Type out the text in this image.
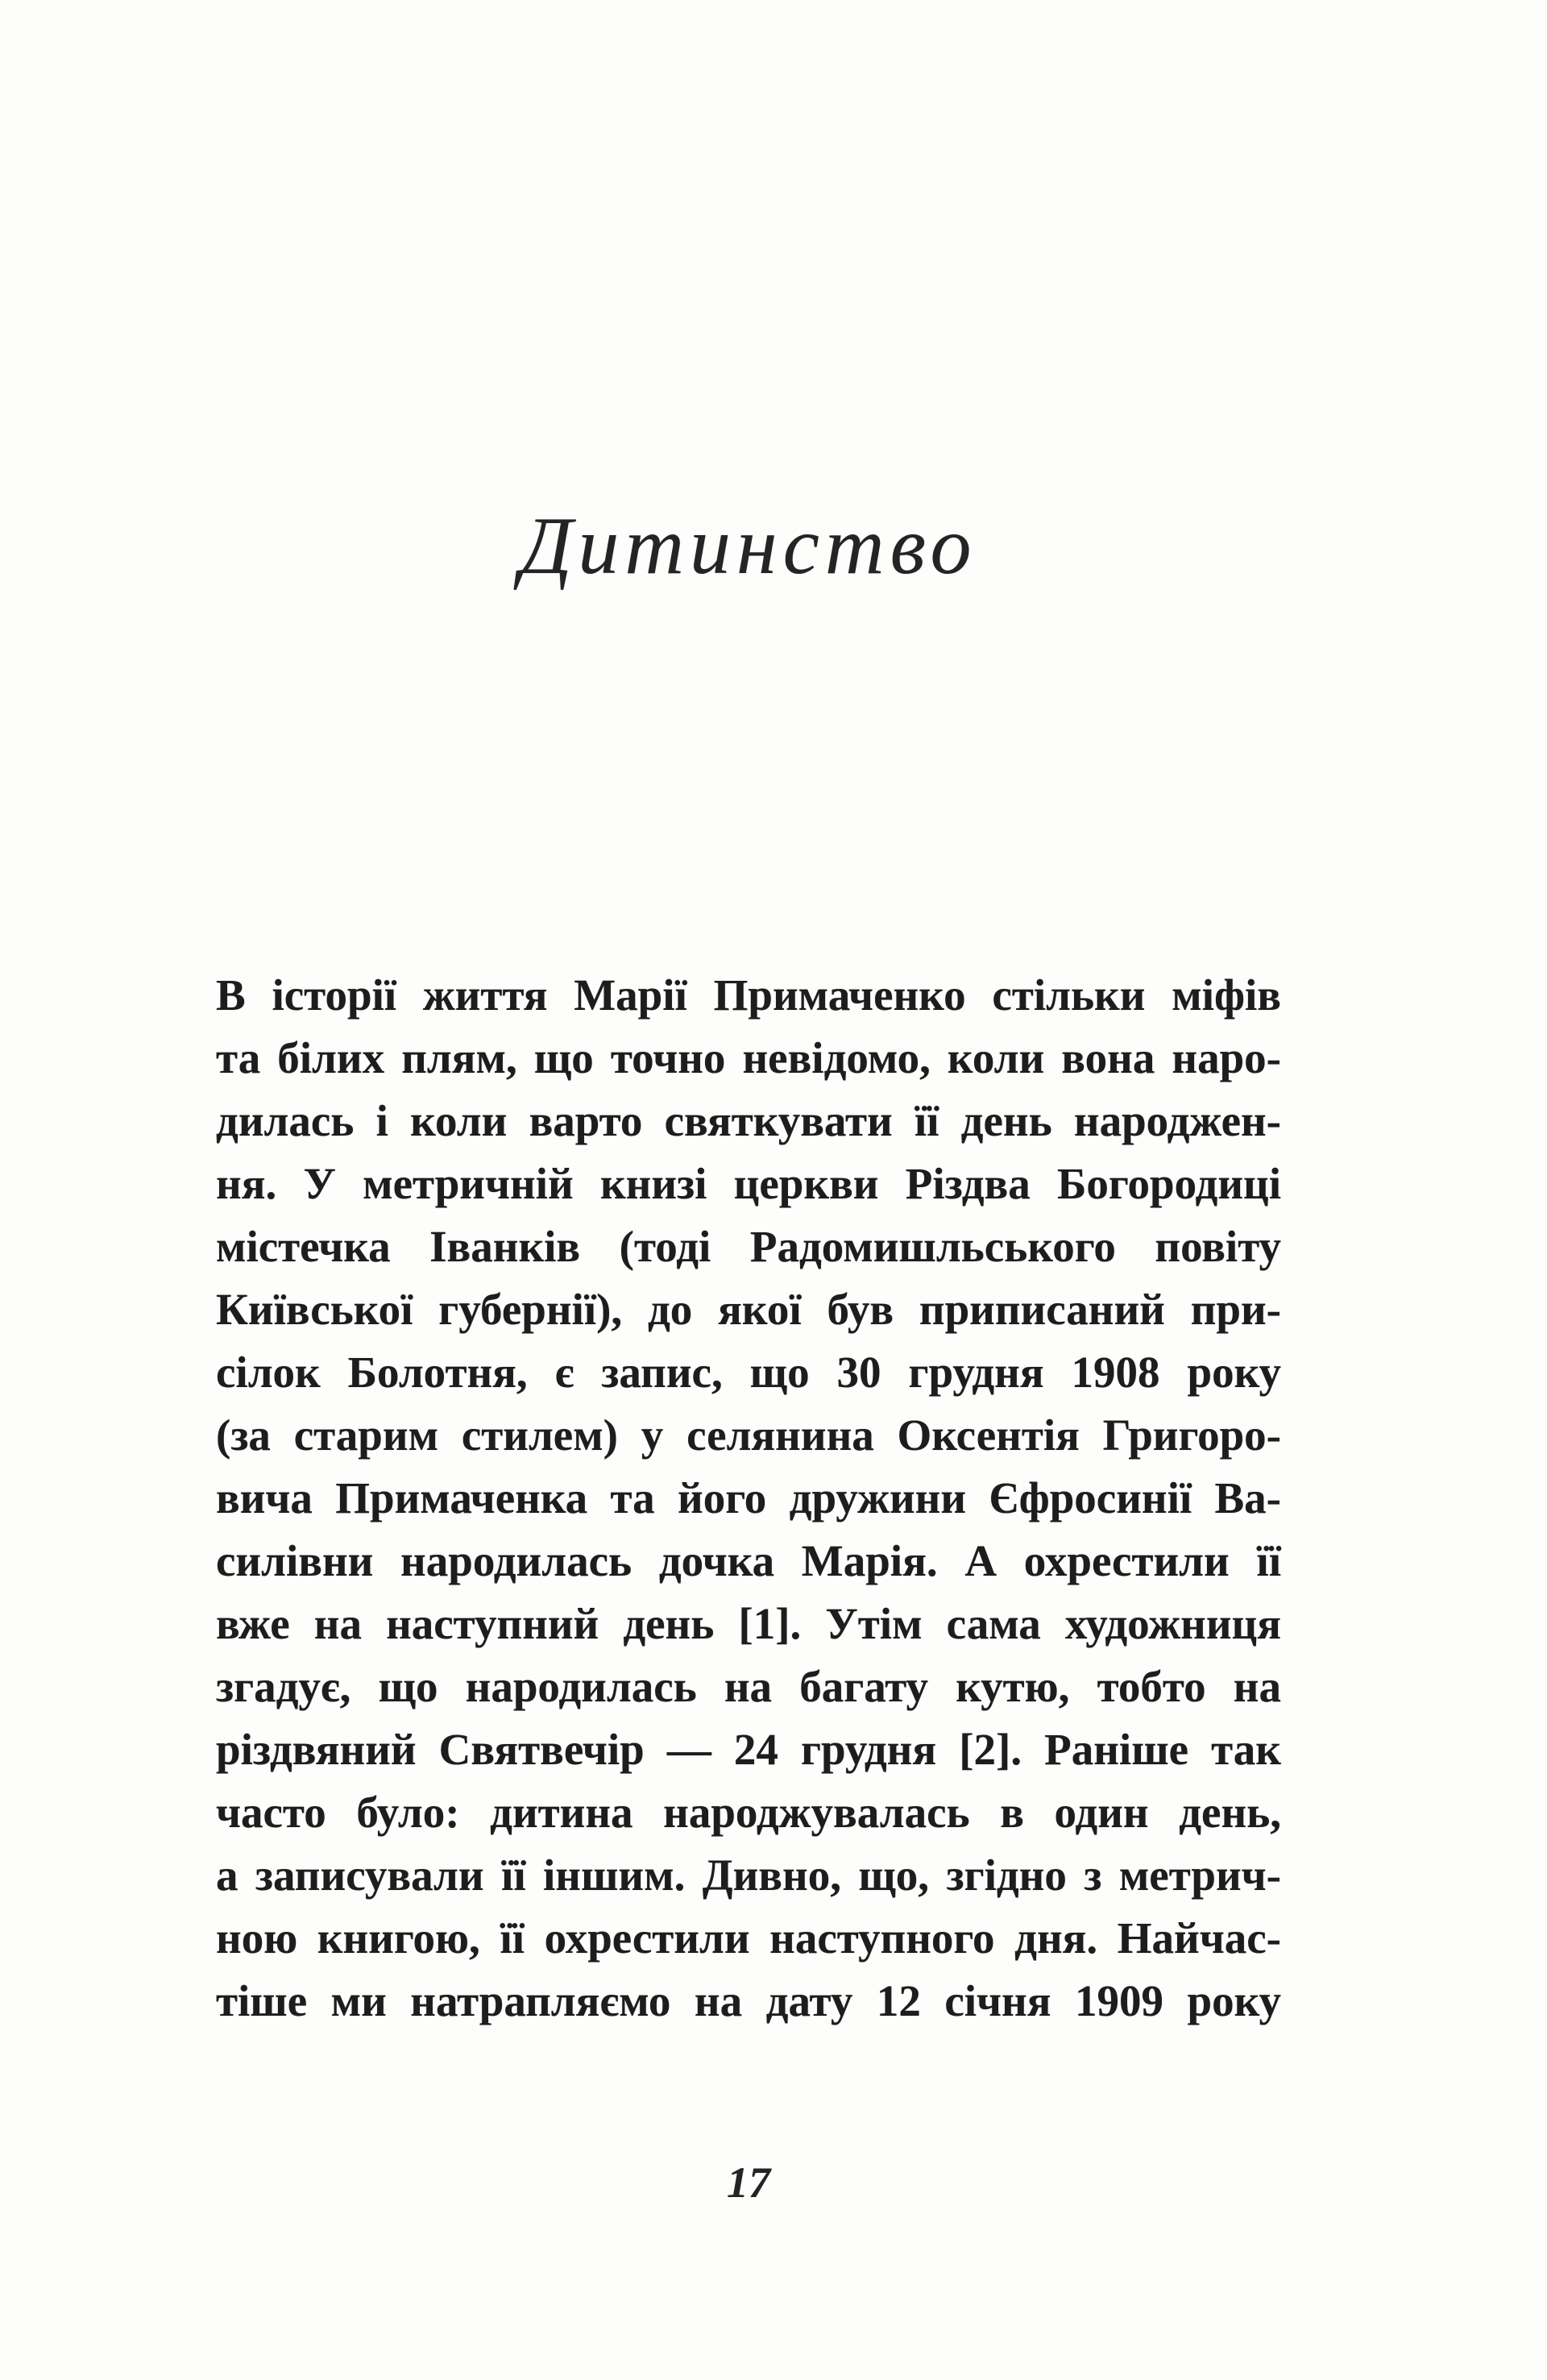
Дитинство
В історії життя Марії Примаченко стільки міфів
та білих плям, що точно невідомо, коли вона наро-
дилась і коли варто святкувати її день народжен-
ня. У метричній книзі церкви Різдва Богородиці
містечка Іванків (тоді Радомишльського повіту
Київської губернії), до якої був приписаний при-
сілок Болотня, є запис, що 30 грудня 1908 року
(за старим стилем) у селянина Оксентія Григоро-
вича Примаченка та його дружини Єфросинії Ва-
силівни народилась дочка Марія. А охрестили її
вже на наступний день [1]. Утім сама художниця
згадує, що народилась на багату кутю, тобто на
різдвяний Святвечір — 24 грудня [2]. Раніше так
часто було: дитина народжувалась в один день,
а записували її іншим. Дивно, що, згідно з метрич-
ною книгою, її охрестили наступного дня. Найчас-
тіше ми натрапляємо на дату 12 січня 1909 року
17
